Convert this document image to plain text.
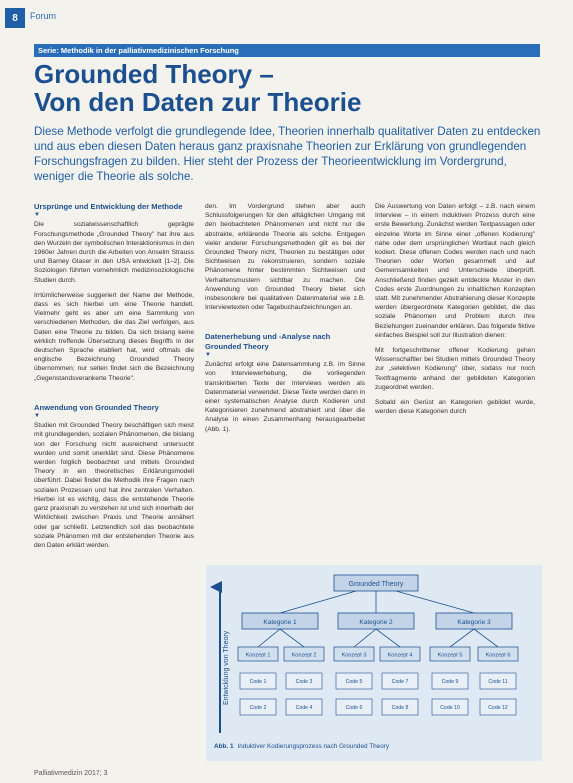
8	Forum
Serie: Methodik in der palliativmedizinischen Forschung
Grounded Theory –
Von den Daten zur Theorie

Diese Methode verfolgt die grundlegende Idee, Theorien innerhalb qualitativer Daten zu entdecken und aus eben diesen Daten heraus ganz praxisnahe Theorien zur Erklärung von grundlegenden Forschungsfragen zu bilden. Hier steht der Prozess der Theorieentwicklung im Vordergrund, weniger die Theorie als solche.

Ursprünge und Entwicklung der Methode
▼

Die sozialwissenschaftlich geprägte Forschungsmethode „Grounded Theory" hat ihre aus den Wurzeln der symbolischen Interaktionismus in den 1960er Jahren durch die Arbeiten von Anselm Strauss und Barney Glaser in den USA entwickelt [1–2]. Die Soziologen führten vornehmlich medizinsoziologische Studien durch.

Irrtümlicherweise suggeriert der Name der Methode, dass es sich hierbei um eine Theorie handelt. Vielmehr geht es aber um eine Sammlung von verschiedenen Methoden, die das Ziel verfolgen, aus Daten eine Theorie zu bilden. Da sich bislang keine wirklich treffende Übersetzung dieses Begriffs in der deutschen Sprache etabliert hat, wird oftmals die englische Bezeichnung Grounded Theory übernommen; nur selten findet sich die Bezeichnung „Gegenstandsverankerte Theorie".

Anwendung von Grounded Theory
▼

Studien mit Grounded Theory beschäftigen sich meist mit grundlegenden, sozialen Phänomenen, die bislang von der Forschung nicht ausreichend untersucht wurden und somit unerklärt sind. Diese Phänomene werden folglich beobachtet und mittels Grounded Theory in ein theoretisches Erklärungsmodell überführt. Dabei findet die Methodik ihre Fragen nach sozialen Prozessen und hat ihre zentralen Verhalten. Hierbei ist es wichtig, dass die entstehende Theorie ganz praxisnah zu verstehen ist und sich innerhalb der Wirklichkeit zwischen Praxis und Theorie annähert oder gar schließt. Letztendlich soll das beobachtete soziale Phänomen mit der entstehenden Theorie aus den Daten erklärt werden.

den. Im Vordergrund stehen aber auch Schlussfolgerungen für den alltäglichen Umgang mit den beobachteten Phänomenen und nicht nur die abstrakte, erklärende Theorie als solche. Entgegen vieler anderer Forschungsmethoden gilt es bei der Grounded Theory nicht, Theorien zu bestätigen oder Sichtweisen zu rekonstruieren, sondern soziale Phänomene hinter bestimmten Sichtweisen und Verhaltensmustern sichtbar zu machen. Die Anwendung von Grounded Theory bietet sich insbesondere bei qualitativen Datenmaterial wie z.B. Interviewtexten oder Tagebuchaufzeichnungen an.

Datenerhebung und -Analyse nach Grounded Theory
▼

Zunächst erfolgt eine Datensammlung z.B. im Sinne von Interviewerhebung, die vorliegenden transkribierten Texte der Interviews werden als Datenmaterial verwendet. Diese Texte werden dann in einer systematischen Analyse durch Kodieren und Kategorisieren zunehmend abstrahiert und über die Analyse in einen Zusammenhang herausgearbeitet (Abb. 1).

Die Auswertung von Daten erfolgt – z.B. nach einem Interview – in einem induktiven Prozess durch eine erste Bewertung. Zunächst werden Textpassagen oder einzelne Worte im Sinne einer „offenen Kodierung" nahe oder dem ursprünglichen Wortlaut nach gleich kodiert. Diese offenen Codes werden nach und nach Theorien oder Worten gesammelt und auf Gemeinsamkeiten und Unterschiede überprüft. Anschließend finden gezielt entdeckte Muster in den Codes erste Zuordnungen zu inhaltlichen Konzepten statt. Mit zunehmender Abstrahierung dieser Konzepte werden übergeordnete Kategorien gebildet, die das soziale Phänomen und Problem durch ihre Beziehungen zueinander erklären. Das folgende fiktive einfaches Beispiel soll zur Illustration dienen:

Mit fortgeschrittener offener Kodierung gehen Wissenschaftler bei Studien mittels Grounded Theory zur „selektiven Kodierung" über, sodass nur noch Textfragmente anhand der gebildeten Kategorien zugeordnet werden.

Sobald ein Gerüst an Kategorien gebildet wurde, werden diese Kategorien durch

Entwicklung von Theory
Grounded Theory
Kategorie 1	Kategorie 2	Kategorie 3
Konzept 1	Konzept 2	Konzept 3	Konzept 4	Konzept 5	Konzept 6
Code 1	Code 3	Code 5	Code 7	Code 9	Code 11
Code 2	Code 4	Code 6	Code 8	Code 10	Code 12
Abb. 1 Induktiver Kodierungsprozess nach Grounded Theory
Palliativmedizin 2017; 3
